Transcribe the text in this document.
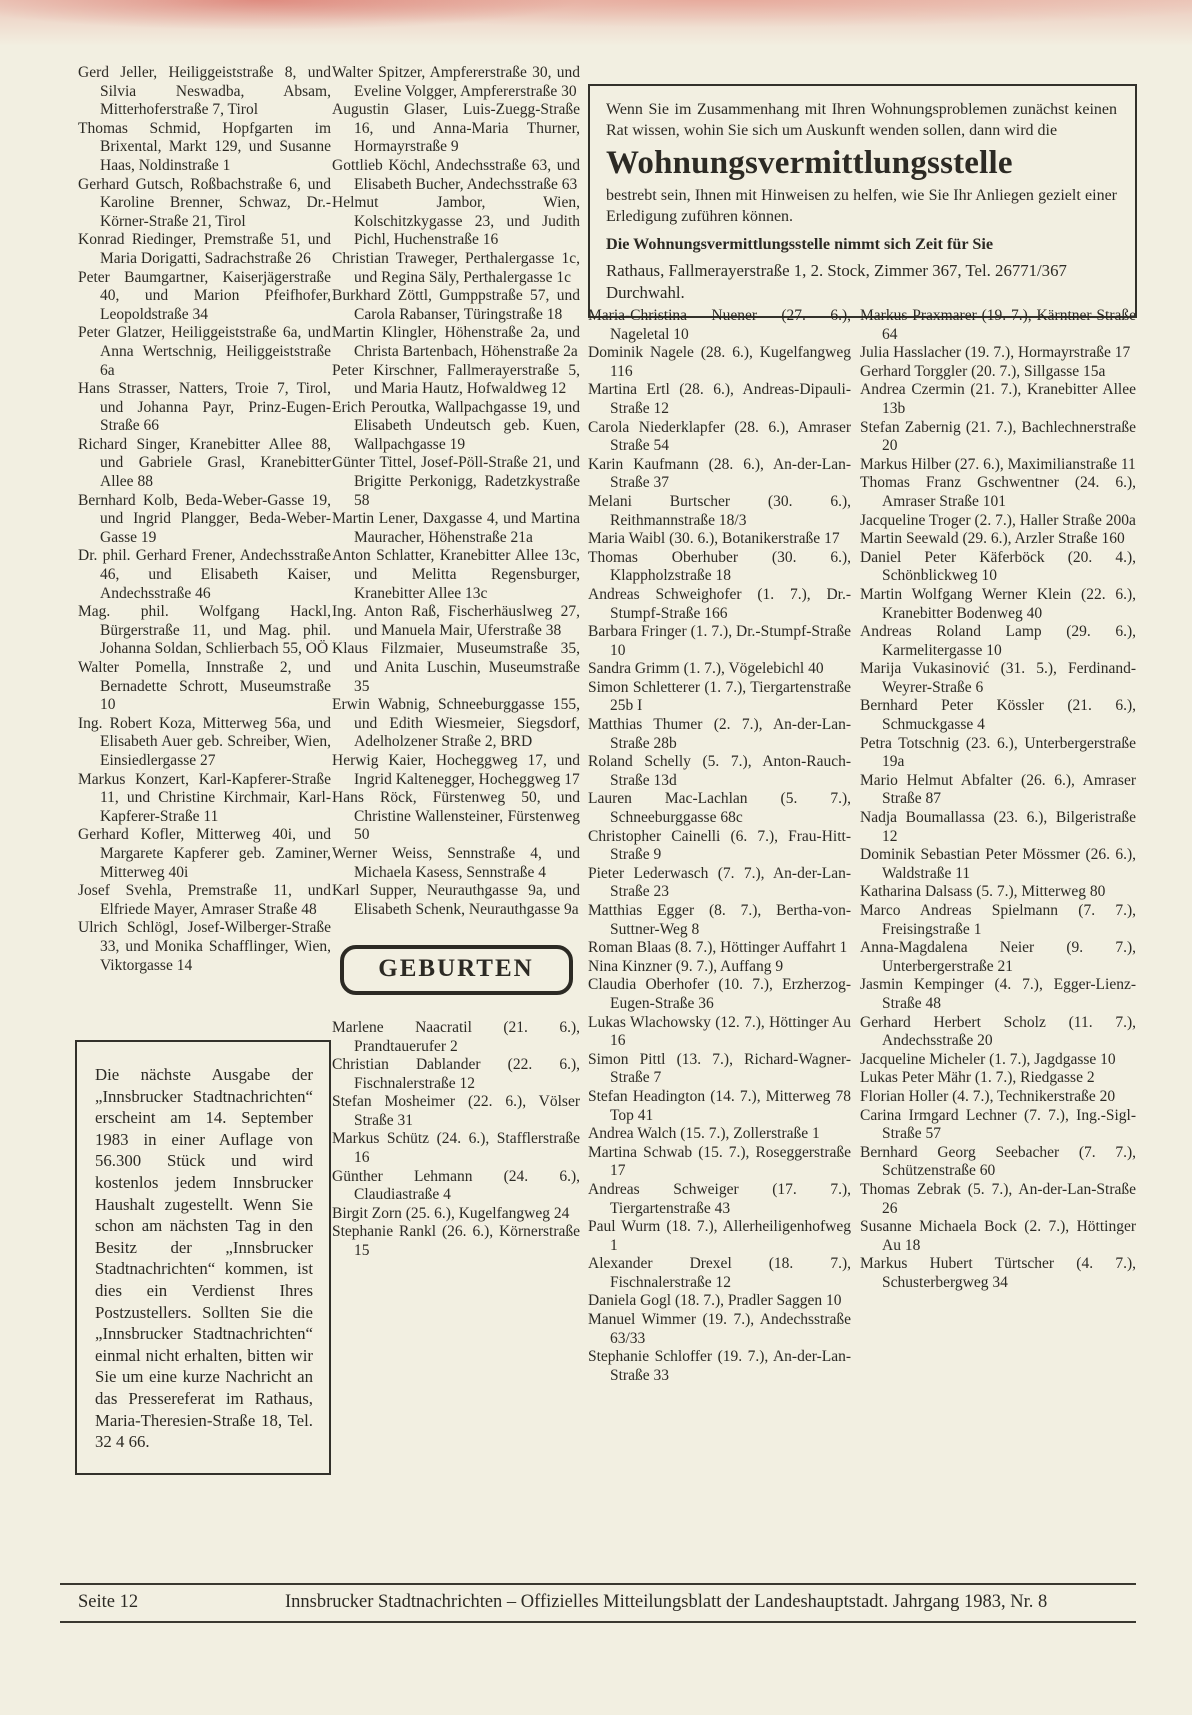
Gerd Jeller, Heiliggeiststraße 8, und Silvia Neswadba, Absam, Mitterhoferstraße 7, Tirol

Thomas Schmid, Hopfgarten im Brixental, Markt 129, und Susanne Haas, Noldinstraße 1

Gerhard Gutsch, Roßbachstraße 6, und Karoline Brenner, Schwaz, Dr.-Körner-Straße 21, Tirol

Konrad Riedinger, Premstraße 51, und Maria Dorigatti, Sadrachstraße 26

Peter Baumgartner, Kaiserjägerstraße 40, und Marion Pfeifhofer, Leopoldstraße 34

Peter Glatzer, Heiliggeiststraße 6a, und Anna Wertschnig, Heiliggeiststraße 6a

Hans Strasser, Natters, Troie 7, Tirol, und Johanna Payr, Prinz-Eugen-Straße 66

Richard Singer, Kranebitter Allee 88, und Gabriele Grasl, Kranebitter Allee 88

Bernhard Kolb, Beda-Weber-Gasse 19, und Ingrid Plangger, Beda-Weber-Gasse 19

Dr. phil. Gerhard Frener, Andechsstraße 46, und Elisabeth Kaiser, Andechsstraße 46

Mag. phil. Wolfgang Hackl, Bürgerstraße 11, und Mag. phil. Johanna Soldan, Schlierbach 55, OÖ

Walter Pomella, Innstraße 2, und Bernadette Schrott, Museumstraße 10

Ing. Robert Koza, Mitterweg 56a, und Elisabeth Auer geb. Schreiber, Wien, Einsiedlergasse 27

Markus Konzert, Karl-Kapferer-Straße 11, und Christine Kirchmair, Karl-Kapferer-Straße 11

Gerhard Kofler, Mitterweg 40i, und Margarete Kapferer geb. Zaminer, Mitterweg 40i

Josef Svehla, Premstraße 11, und Elfriede Mayer, Amraser Straße 48

Ulrich Schlögl, Josef-Wilberger-Straße 33, und Monika Schafflinger, Wien, Viktorgasse 14

Die nächste Ausgabe der „Innsbrucker Stadtnachrichten“ erscheint am 14. September 1983 in einer Auflage von 56.300 Stück und wird kostenlos jedem Innsbrucker Haushalt zugestellt. Wenn Sie schon am nächsten Tag in den Besitz der „Innsbrucker Stadtnachrichten“ kommen, ist dies ein Verdienst Ihres Postzustellers. Sollten Sie die „Innsbrucker Stadtnachrichten“ einmal nicht erhalten, bitten wir Sie um eine kurze Nachricht an das Pressereferat im Rathaus, Maria-Theresien-Straße 18, Tel. 32 4 66.

Walter Spitzer, Ampfererstraße 30, und Eveline Volgger, Ampfererstraße 30

Augustin Glaser, Luis-Zuegg-Straße 16, und Anna-Maria Thurner, Hormayrstraße 9

Gottlieb Köchl, Andechsstraße 63, und Elisabeth Bucher, Andechsstraße 63

Helmut Jambor, Wien, Kolschitzkygasse 23, und Judith Pichl, Huchenstraße 16

Christian Traweger, Perthalergasse 1c, und Regina Säly, Perthalergasse 1c

Burkhard Zöttl, Gumppstraße 57, und Carola Rabanser, Türingstraße 18

Martin Klingler, Höhenstraße 2a, und Christa Bartenbach, Höhenstraße 2a

Peter Kirschner, Fallmerayerstraße 5, und Maria Hautz, Hofwaldweg 12

Erich Peroutka, Wallpachgasse 19, und Elisabeth Undeutsch geb. Kuen, Wallpachgasse 19

Günter Tittel, Josef-Pöll-Straße 21, und Brigitte Perkonigg, Radetzkystraße 58

Martin Lener, Daxgasse 4, und Martina Mauracher, Höhenstraße 21a

Anton Schlatter, Kranebitter Allee 13c, und Melitta Regensburger, Kranebitter Allee 13c

Ing. Anton Raß, Fischerhäuslweg 27, und Manuela Mair, Uferstraße 38

Klaus Filzmaier, Museumstraße 35, und Anita Luschin, Museumstraße 35

Erwin Wabnig, Schneeburggasse 155, und Edith Wiesmeier, Siegsdorf, Adelholzener Straße 2, BRD

Herwig Kaier, Hocheggweg 17, und Ingrid Kaltenegger, Hocheggweg 17

Hans Röck, Fürstenweg 50, und Christine Wallensteiner, Fürstenweg 50

Werner Weiss, Sennstraße 4, und Michaela Kasess, Sennstraße 4

Karl Supper, Neurauthgasse 9a, und Elisabeth Schenk, Neurauthgasse 9a

GEBURTEN

Marlene Naacratil (21. 6.), Prandtauerufer 2

Christian Dablander (22. 6.), Fischnalerstraße 12

Stefan Mosheimer (22. 6.), Völser Straße 31

Markus Schütz (24. 6.), Stafflerstraße 16

Günther Lehmann (24. 6.), Claudiastraße 4

Birgit Zorn (25. 6.), Kugelfangweg 24

Stephanie Rankl (26. 6.), Körnerstraße 15

Wenn Sie im Zusammenhang mit Ihren Wohnungsproblemen zunächst keinen Rat wissen, wohin Sie sich um Auskunft wenden sollen, dann wird die

Wohnungsvermittlungsstelle

bestrebt sein, Ihnen mit Hinweisen zu helfen, wie Sie Ihr Anliegen gezielt einer Erledigung zuführen können.

Die Wohnungsvermittlungsstelle nimmt sich Zeit für Sie

Rathaus, Fallmerayerstraße 1, 2. Stock, Zimmer 367, Tel. 26771/367 Durchwahl.

Maria-Christina Nuener (27. 6.), Nageletal 10

Dominik Nagele (28. 6.), Kugelfangweg 116

Martina Ertl (28. 6.), Andreas-Dipauli-Straße 12

Carola Niederklapfer (28. 6.), Amraser Straße 54

Karin Kaufmann (28. 6.), An-der-Lan-Straße 37

Melani Burtscher (30. 6.), Reithmannstraße 18/3

Maria Waibl (30. 6.), Botanikerstraße 17

Thomas Oberhuber (30. 6.), Klappholzstraße 18

Andreas Schweighofer (1. 7.), Dr.-Stumpf-Straße 166

Barbara Fringer (1. 7.), Dr.-Stumpf-Straße 10

Sandra Grimm (1. 7.), Vögelebichl 40

Simon Schletterer (1. 7.), Tiergartenstraße 25b I

Matthias Thumer (2. 7.), An-der-Lan-Straße 28b

Roland Schelly (5. 7.), Anton-Rauch-Straße 13d

Lauren Mac-Lachlan (5. 7.), Schneeburggasse 68c

Christopher Cainelli (6. 7.), Frau-Hitt-Straße 9

Pieter Lederwasch (7. 7.), An-der-Lan-Straße 23

Matthias Egger (8. 7.), Bertha-von-Suttner-Weg 8

Roman Blaas (8. 7.), Höttinger Auffahrt 1

Nina Kinzner (9. 7.), Auffang 9

Claudia Oberhofer (10. 7.), Erzherzog-Eugen-Straße 36

Lukas Wlachowsky (12. 7.), Höttinger Au 16

Simon Pittl (13. 7.), Richard-Wagner-Straße 7

Stefan Headington (14. 7.), Mitterweg 78 Top 41

Andrea Walch (15. 7.), Zollerstraße 1

Martina Schwab (15. 7.), Roseggerstraße 17

Andreas Schweiger (17. 7.), Tiergartenstraße 43

Paul Wurm (18. 7.), Allerheiligenhofweg 1

Alexander Drexel (18. 7.), Fischnalerstraße 12

Daniela Gogl (18. 7.), Pradler Saggen 10

Manuel Wimmer (19. 7.), Andechsstraße 63/33

Stephanie Schloffer (19. 7.), An-der-Lan-Straße 33

Markus Praxmarer (19. 7.), Kärntner Straße 64

Julia Hasslacher (19. 7.), Hormayrstraße 17

Gerhard Torggler (20. 7.), Sillgasse 15a

Andrea Czermin (21. 7.), Kranebitter Allee 13b

Stefan Zabernig (21. 7.), Bachlechnerstraße 20

Markus Hilber (27. 6.), Maximilianstraße 11

Thomas Franz Gschwentner (24. 6.), Amraser Straße 101

Jacqueline Troger (2. 7.), Haller Straße 200a

Martin Seewald (29. 6.), Arzler Straße 160

Daniel Peter Käferböck (20. 4.), Schönblickweg 10

Martin Wolfgang Werner Klein (22. 6.), Kranebitter Bodenweg 40

Andreas Roland Lamp (29. 6.), Karmelitergasse 10

Marija Vukasinović (31. 5.), Ferdinand-Weyrer-Straße 6

Bernhard Peter Kössler (21. 6.), Schmuckgasse 4

Petra Totschnig (23. 6.), Unterbergerstraße 19a

Mario Helmut Abfalter (26. 6.), Amraser Straße 87

Nadja Boumallassa (23. 6.), Bilgeristraße 12

Dominik Sebastian Peter Mössmer (26. 6.), Waldstraße 11

Katharina Dalsass (5. 7.), Mitterweg 80

Marco Andreas Spielmann (7. 7.), Freisingstraße 1

Anna-Magdalena Neier (9. 7.), Unterbergerstraße 21

Jasmin Kempinger (4. 7.), Egger-Lienz-Straße 48

Gerhard Herbert Scholz (11. 7.), Andechsstraße 20

Jacqueline Micheler (1. 7.), Jagdgasse 10

Lukas Peter Mähr (1. 7.), Riedgasse 2

Florian Holler (4. 7.), Technikerstraße 20

Carina Irmgard Lechner (7. 7.), Ing.-Sigl-Straße 57

Bernhard Georg Seebacher (7. 7.), Schützenstraße 60

Thomas Zebrak (5. 7.), An-der-Lan-Straße 26

Susanne Michaela Bock (2. 7.), Höttinger Au 18

Markus Hubert Türtscher (4. 7.), Schusterbergweg 34

Seite 12	Innsbrucker Stadtnachrichten – Offizielles Mitteilungsblatt der Landeshauptstadt. Jahrgang 1983, Nr. 8
